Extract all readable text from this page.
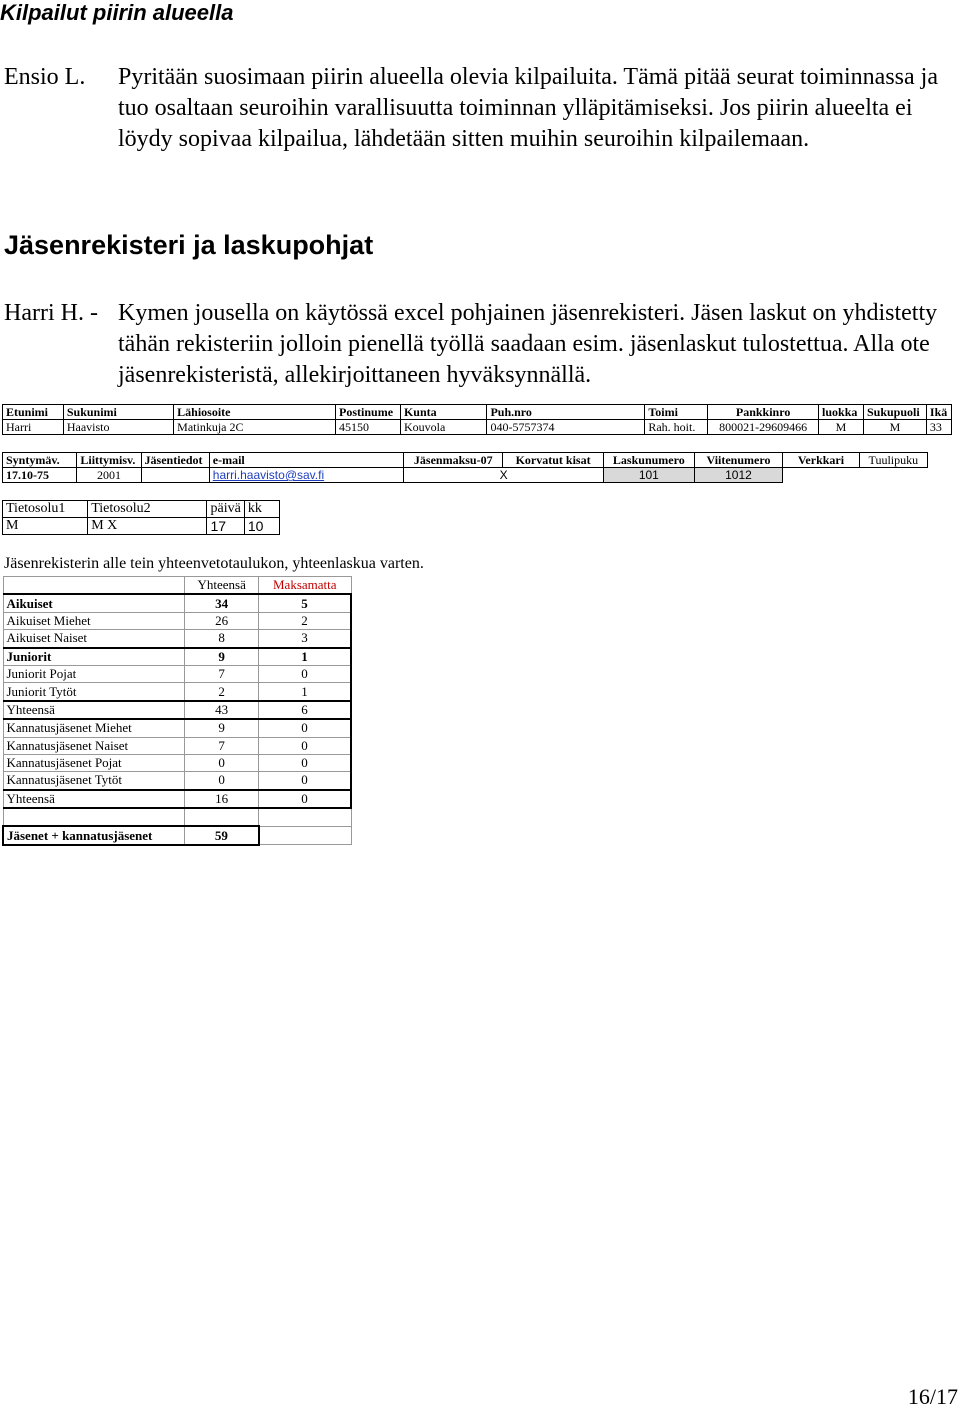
Kilpailut piirin alueella
Ensio L. Pyritään suosimaan piirin alueella olevia kilpailuita. Tämä pitää seurat toiminnassa ja tuo osaltaan seuroihin varallisuutta toiminnan ylläpitämiseksi. Jos piirin alueelta ei löydy sopivaa kilpailua, lähdetään sitten muihin seuroihin kilpailemaan.
Jäsenrekisteri ja laskupohjat
Harri H. - Kymen jousella on käytössä excel pohjainen jäsenrekisteri. Jäsen laskut on yhdistetty tähän rekisteriin jolloin pienellä työllä saadaan esim. jäsenlaskut tulostettua. Alla ote jäsenrekisteristä, allekirjoittaneen hyväksynnällä.
Etunimi	Sukunimi	Lähiosoite	Postinume	Kunta	Puh.nro	Toimi	Pankkinro	luokka	Sukupuoli	Ikä
Harri	Haavisto	Matinkuja 2C	45150	Kouvola	040-5757374	Rah. hoit.	800021-29609466	M	M	33
Syntymäv.	Liittymisv.	Jäsentiedot	e-mail	Jäsenmaksu-07	Korvatut kisat	Laskunumero	Viitenumero	Verkkari	Tuulipuku
17.10-75	2001		harri.haavisto@sav.fi	X		101	1012		
Tietosolu1	Tietosolu2	päivä	kk
M	M X	17	10
Jäsenrekisterin alle tein yhteenvetotaulukon, yhteenlaskua varten.
	Yhteensä	Maksamatta
Aikuiset	34	5
Aikuiset Miehet	26	2
Aikuiset Naiset	8	3
Juniorit	9	1
Juniorit Pojat	7	0
Juniorit Tytöt	2	1
Yhteensä	43	6
Kannatusjäsenet Miehet	9	0
Kannatusjäsenet Naiset	7	0
Kannatusjäsenet Pojat	0	0
Kannatusjäsenet Tytöt	0	0
Yhteensä	16	0

Jäsenet + kannatusjäsenet	59	
16/17
